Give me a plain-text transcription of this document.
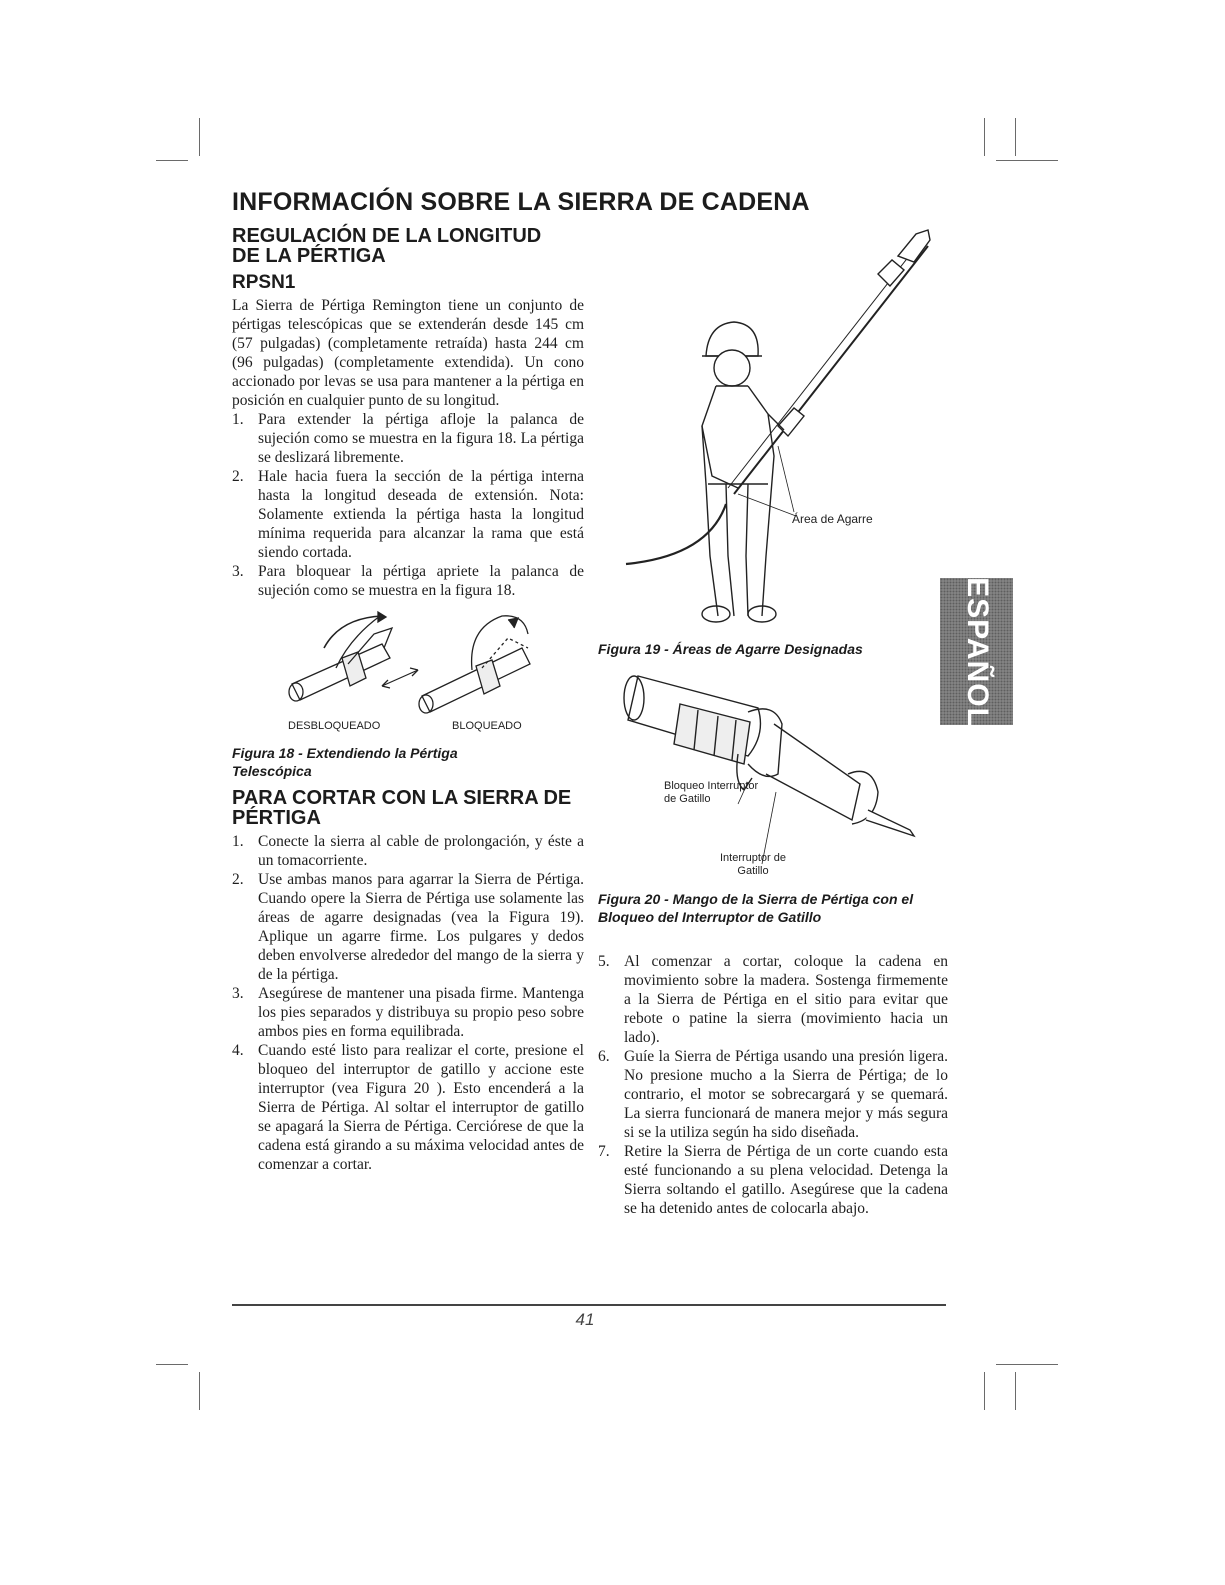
INFORMACIÓN SOBRE LA SIERRA DE CADENA
REGULACIÓN DE LA LONGITUD DE LA PÉRTIGA
RPSN1

La Sierra de Pértiga Remington tiene un conjunto de pértigas telescópicas que se extenderán desde 145 cm (57 pulgadas) (completamente retraída) hasta 244 cm (96 pulgadas) (completamente extendida). Un cono accionado por levas se usa para mantener a la pértiga en posición en cualquier punto de su longitud.

1. Para extender la pértiga afloje la palanca de sujeción como se muestra en la figura 18. La pértiga se deslizará libremente.
2. Hale hacia fuera la sección de la pértiga interna hasta la longitud deseada de extensión. Nota: Solamente extienda la pértiga hasta la longitud mínima requerida para alcanzar la rama que está siendo cortada.
3. Para bloquear la pértiga apriete la palanca de sujeción como se muestra en la figura 18.
DESBLOQUEADO	BLOQUEADO
Figura 18 - Extendiendo la Pértiga Telescópica
PARA CORTAR CON LA SIERRA DE PÉRTIGA
1. Conecte la sierra al cable de prolongación, y éste a un tomacorriente.
2. Use ambas manos para agarrar la Sierra de Pértiga. Cuando opere la Sierra de Pértiga use solamente las áreas de agarre designadas (vea la Figura 19). Aplique un agarre firme. Los pulgares y dedos deben envolverse alrededor del mango de la sierra y de la pértiga.
3. Asegúrese de mantener una pisada firme. Mantenga los pies separados y distribuya su propio peso sobre ambos pies en forma equilibrada.
4. Cuando esté listo para realizar el corte, presione el bloqueo del interruptor de gatillo y accione este interruptor (vea Figura 20 ). Esto encenderá a la Sierra de Pértiga. Al soltar el interruptor de gatillo se apagará la Sierra de Pértiga. Cerciórese de que la cadena está girando a su máxima velocidad antes de comenzar a cortar.
Área de Agarre
Figura 19 - Áreas de Agarre Designadas
Bloqueo Interruptor de Gatillo
Interruptor de Gatillo
Figura 20 - Mango de la Sierra de Pértiga con el Bloqueo del Interruptor de Gatillo
5. Al comenzar a cortar, coloque la cadena en movimiento sobre la madera. Sostenga firmemente a la Sierra de Pértiga en el sitio para evitar que rebote o patine la sierra (movimiento hacia un lado).
6. Guíe la Sierra de Pértiga usando una presión ligera. No presione mucho a la Sierra de Pértiga; de lo contrario, el motor se sobrecargará y se quemará. La sierra funcionará de manera mejor y más segura si se la utiliza según ha sido diseñada.
7. Retire la Sierra de Pértiga de un corte cuando esta esté funcionando a su plena velocidad. Detenga la Sierra soltando el gatillo. Asegúrese que la cadena se ha detenido antes de colocarla abajo.
ESPAÑOL
41
